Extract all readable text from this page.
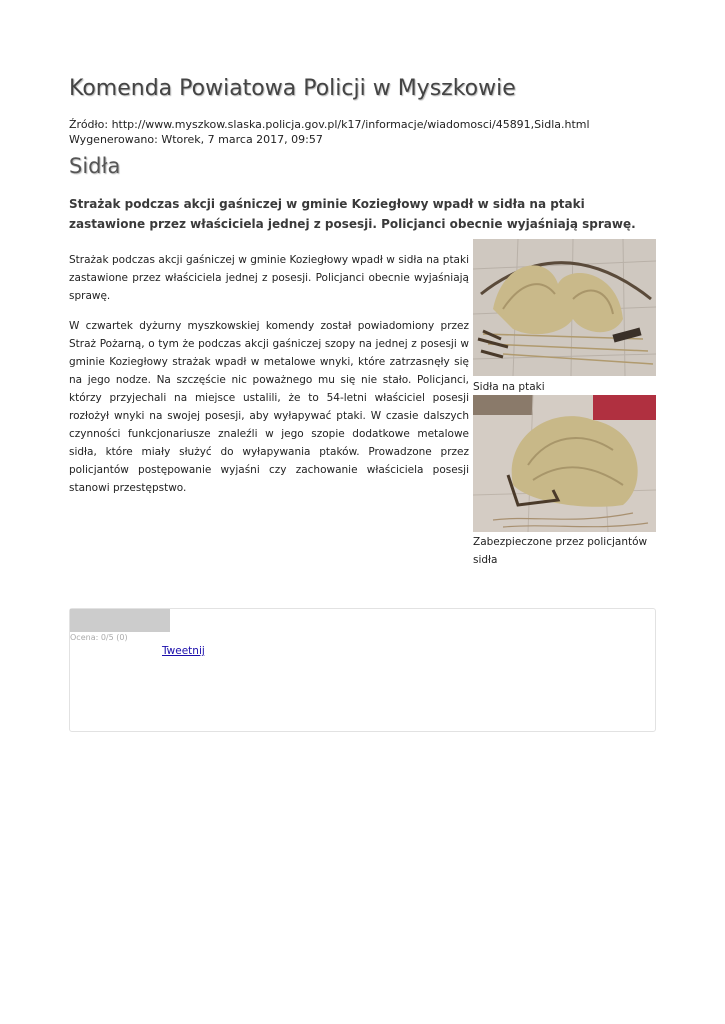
Komenda Powiatowa Policji w Myszkowie
Źródło: http://www.myszkow.slaska.policja.gov.pl/k17/informacje/wiadomosci/45891,Sidla.html
Wygenerowano: Wtorek, 7 marca 2017, 09:57
Sidła

Strażak podczas akcji gaśniczej w gminie Koziegłowy wpadł w sidła na ptaki zastawione przez właściciela jednej z posesji. Policjanci obecnie wyjaśniają sprawę.

Strażak podczas akcji gaśniczej w gminie Koziegłowy wpadł w sidła na ptaki zastawione przez właściciela jednej z posesji. Policjanci obecnie wyjaśniają sprawę.

W czwartek dyżurny myszkowskiej komendy został powiadomiony przez Straż Pożarną, o tym że podczas akcji gaśniczej szopy na jednej z posesji w gminie Koziegłowy strażak wpadł w metalowe wnyki, które zatrzasnęły się na jego nodze. Na szczęście nic poważnego mu się nie stało. Policjanci, którzy przyjechali na miejsce ustalili, że to 54-letni właściciel posesji rozłożył wnyki na swojej posesji, aby wyłapywać ptaki. W czasie dalszych czynności funkcjonariusze znaleźli w jego szopie dodatkowe metalowe sidła, które miały służyć do wyłapywania ptaków. Prowadzone przez policjantów postępowanie wyjaśni czy zachowanie właściciela posesji stanowi przestępstwo.

Sidła na ptaki
Zabezpieczone przez policjantów sidła
Ocena: 0/5 (0)
Tweetnij
